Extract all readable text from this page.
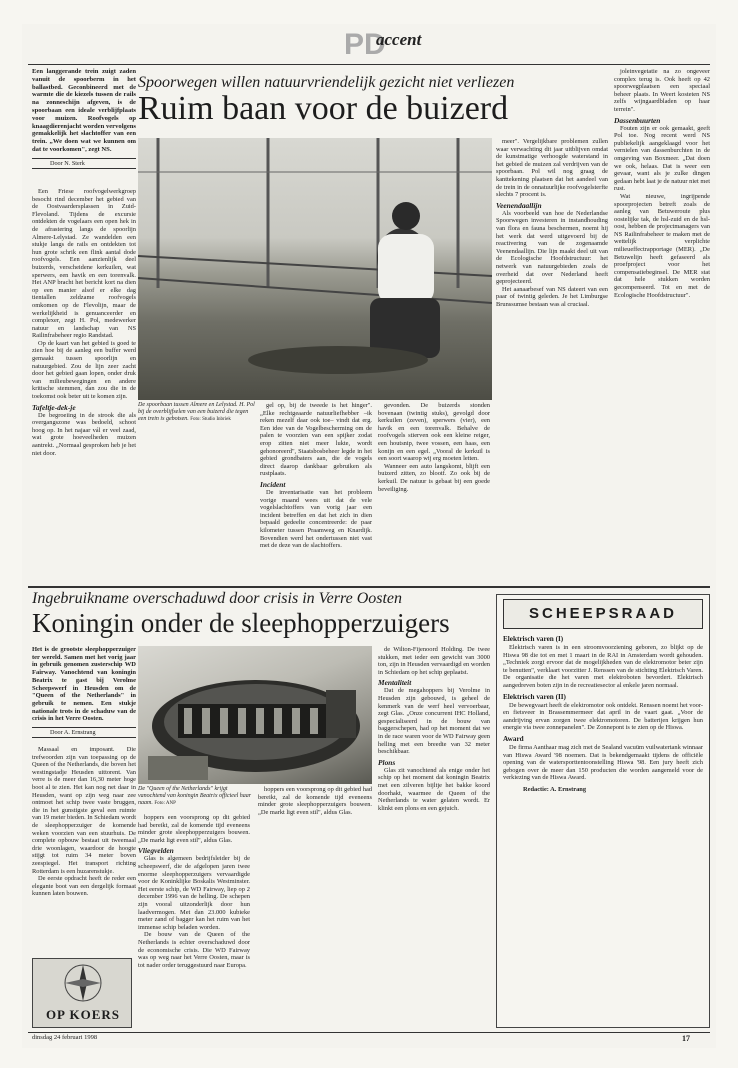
PD
accent
Een langgerande trein zuigt zaden vanuit de spoorberm in het ballastbed. Geconbineerd met de warmte die de kiezels tussen de rails na zonneschijn afgeven, is de spoorbaan een ideale verblijfplaats voor muizen. Roofvogels op knaagdierenjacht worden vervolgens gemakkelijk het slachtoffer van een trein. „We doen wat we kunnen om dat te voorkomen", zegt NS.
Door N. Sterk
Spoorwegen willen natuurvriendelijk gezicht niet verliezen
Ruim baan voor de buizerd

Een Friese roofvogelwerkgroep besocht rind december het gebied van de Oostvaardersplassen in Zuid-Flevoland. Tijdens de excursie ontdekten de vogelaars een open hek in de afrastering langs de spoorlijn Almere-Lelystad. Ze wandelden een stukje langs de rails en ontdekten tot hun grote schrik een flink aantal dode roofvogels. Een aanzienlijk deel buizerds, verscheidene kerkuilen, wat sperwers, een havik en een torenvalk. Het ANP bracht het bericht kort na dien op een manier alsof er elke dag tientallen zeldzame roofvogels omkomen op de Flevolijn, maar de werkelijkheid is genuanceerder en complexer, zegt H. Pol, medewerker natuur en landschap van NS Railinfrabeheer regio Randstad.

Op de kaart van het gebied is goed te zien hoe bij de aanleg een buffer werd gemaakt tussen spoorlijn en natuurgebied. Zou de lijn zeer zacht door het gebied gaan lopen, onder druk van milieubewegingen en andere kritische stemmen, dan zou die in de toekomst ook beter uit te komen zijn.

Tafeltje-dek-je

De begroeiing in de strook die als overgangszone was bedoeld, schoot hoog op. In het najaar vál er veel zaad, wat grote hoeveelheden muizen aantrekt. „Normaal gesproken heb je het niet door.

De spoorbaan tussen Almere en Lelystad. H. Pol bij de overblijfselen van een buizerd die tegen een trein is gebotsen. Foto: Studio Inbriek

gel op, bij de tweede is het hinger". „Elke rechtgeaarde natuurliefhebber –ik reken mezelf daar ook toe– vindt dat erg. Een idee van de Vogelbescherming om de palen te voorzien van een spijker zodat erop zitten niet meer lukte, wordt gehonoreerd", Staatsbosbeheer legde in het gebied grondbaters aan, die de vogels direct daarop dankbaar gebruiken als rustplaats.

Incident

De inventarisatie van het probleem vorige maand wees uit dat de vele vogelslachtoffers van vorig jaar een incident betreffen en dat het zich in dien bepaald gedeelte concentreerde: de paar kilometer tussen Praamweg en Knardijk. Bovendien werd het ondertussen niet vast met de deze van de slachtoffers.

gevonden. De buizerds stonden bovenaan (twintig stuks), gevolgd door kerkuilen (zeven), sperwers (vier), een havik en een torenvalk. Behalve de roofvogels stierven ook een kleine reiger, een houtsnip, twee vossen, een haas, een konijn en een egel. „Vooral de kerkuil is een soort waarop wij erg moeten letten.

Wanneer een auto langskomt, blijft een buizerd zitten, zo blootf. Zo ook bij de kerkuil. De natuur is gebaat bij een goede beveiliging.

meer". Vergelijkbare problemen zullen waar verwachting dit jaar uitblijven omdat de kunstmatige verhoogde waterstand in het gebied de muizen zal verdrijven van de spoorbaan. Pol wil nog graag de kanttekening plaatsen dat het aandeel van de trein in de onnatuurlijke roofvogelsterfte slechts 7 procent is.

Veenendaallijn

Als voorbeeld van hoe de Nederlandse Spoorwegen investeren in instandhouding van flora en fauna beschermen, noemt hij het werk dat werd uitgevoerd bij de reactivering van de zogenaamde Veenendaallijn. Die lijn maakt deel uit van de Ecologische Hoofdstructuur: het netwerk van natuurgebieden zoals de overheid dat over Nederland heeft geprojecteerd.

Het aanaarbesef van NS dateert van een paar of twintig geleden. Je het Limburgse Brunssumse bestaan was al cruciaal.

joleinvegetatie na zo ongeveer complex terug is. Ook heeft op 42 spoorwegplaatsen een speciaal beheer plaats. In Weert kosteten NS zelfs wijngaardbladen op haar terrein".

Dassenbuurten

Fouten zijn er ook gemaakt, geeft Pol toe. Nog recent werd NS publiekelijk aangeklaagd voor het vernielen van dassenburchten in de omgeving van Boxmeer. „Dat doen we ook, helaas. Dat is weer een gevaar, want als je zulke dingen gedaan hebt laat je de natuur niet met rust.

Wat nieuwe, ingrijpende spoorprojecten betreft zoals de aanleg van Betuweroute plus oostelijke tak, de hsl-zuid en de hsl-oost, hebben de projectmanagers van NS Railinfrabeheer te maken met de wettelijk verplichte milieueffectrapportage (MER). „De Betuwelijn heeft gefaseerd als proefproject voor het compensatiebeginsel. De MER stat dat hele stukken worden gecompenseerd. Tot en met de Ecologische Hoofdstructuur".

Ingebruikname overschaduwd door crisis in Verre Oosten
Koningin onder de sleephopperzuigers
Het is de grootste sleephopperzuiger ter wereld. Samen met het vorig jaar in gebruik genomen zusterschip WD Fairway. Vanochtend van koningin Beatrix te gast bij Verolme Scheepswerf in Heusden om de "Queen of the Netherlands" in gebruik te nemen. Een stukje nationale trots in de schaduw van de crisis in het Verre Oosten.
Door A. Ernstrang

Massaal en imposant. Die trefwoorden zijn van toepassing op de Queen of the Netherlands, die boven het westingstadje Heusden uittorent. Van verre is de meer dan 16,30 meter hoge boot al te zien. Het kan nog net daar in Heusden, want op zijn weg naar zee ontmoet het schip twee vaste bruggen, die in het gunstigste geval een ruimte van 19 meter bieden. In Schiedam wordt de sleephopperzuiger de komende weken voorzien van een stuurhuis. De complete opbouw bestaat uit tweemaal drie woonlagen, waardoor de hoogte stijgt tot ruim 34 meter boven zeespiegel. Het transport richting Rotterdam is een huzarenstukje.

De eerste opdracht heeft de reder een elegante boot van een dergelijk formaat kunnen laten bouwen.

De "Queen of the Netherlands" krijgt vanochtend van koningin Beatrix officieel haar naam. Foto: ANP

hoppers een voorsprong op dit gebied had bereikt, zal de komende tijd eveneens minder grote sleephopperzuigers bouwen. „De markt ligt even stil", aldus Glas.

Vliegvelden

Glas is algemeen bedrijfsleider bij de scheepswerf, die de afgelopen jaren twee enorme sleephopperzuigers vervaardigde voor de Koninklijke Boskalis Westminster. Het eerste schip, de WD Fairway, liep op 2 december 1996 van de helling. De schepen zijn vooral uitzonderlijk door hun laadvermogen. Met dan 23.000 kubieke meter zand of bagger kan het ruim van het immense schip beladen worden.

De bouw van de Queen of the Netherlands is echter overschaduwd door de economische crisis. Die WD Fairway was op weg naar het Verre Oosten, maar is tot nader order teruggestuurd naar Europa.

hoppers een voorsprong op dit gebied had bereikt, zal de komende tijd eveneens minder grote sleephopperzuigers bouwen. „De markt ligt even stil", aldus Glas.

de Wilton-Fijenoord Holding. De twee stukken, met ieder een gewicht van 3000 ton, zijn in Heusden vervaardigd en worden in Schiedam op het schip geplaatst.

Mentaliteit

Dat de megahoppers bij Verolme in Heusden zijn gebouwd, is geheel de kenmerk van de werf heel vervoerbaar, zegt Glas. „Onze concurrent IHC Holland, gespecialiseerd in de bouw van baggerschepen, had op het moment dat we in de race waren voor de WD Fairway geen helling met een breedte van 32 meter beschikbaar.

Plons

Glas zit vanochtend als enige onder het schip op het moment dat koningin Beatrix met een zilveren bijltje het bakke koord doorhakt, waarmee de Queen of the Netherlands te water gelaten wordt. Er klinkt een plons en een gejuich.

SCHEEPSRAAD
Elektrisch varen (I)

Elektrisch varen is in een stroomvoorziening geboren, zo blijkt op de Hiswa 98 die tot en met 1 maart in de RAI in Amsterdam wordt gehouden. „Techniek zorgt ervoor dat de mogelijkheden van de elektromotor beter zijn te benutten", verklaart voorzitter J. Renssen van de stichting Elektrisch Varen. De organisatie die het varen met elektroboten bevordert. Elektrisch aangedreven boten zijn in de recreatiesector al enkele jaren normaal.

Elektrisch varen (II)

De bewegvaart heeft de elektromotor ook ontdekt. Renssen noemt het voor- en fietsveer in Brassemmermeer dat april in de vaart gaat. „Voor de aandrijving ervan zorgen twee elektromotoren. De batterijen krijgen hun energie via twee zonnepanelen". De Zonnepont is te zien op de Hiswa.

Award

De firma Aanthaar mag zich met de Sealand vacuüm vuilwatertank winnaar van Hiswa Award '98 noemen. Dat is bekendgemaakt tijdens de officiële opening van de watersporttentoonstelling Hiswa '98. Een jury heeft zich gebogen over de meer dan 150 producten die worden aangemeld voor de verkiezing van de Hiswa Award.

Redactie: A. Ernstrang
OP KOERS
dinsdag 24 februari 1998	17
